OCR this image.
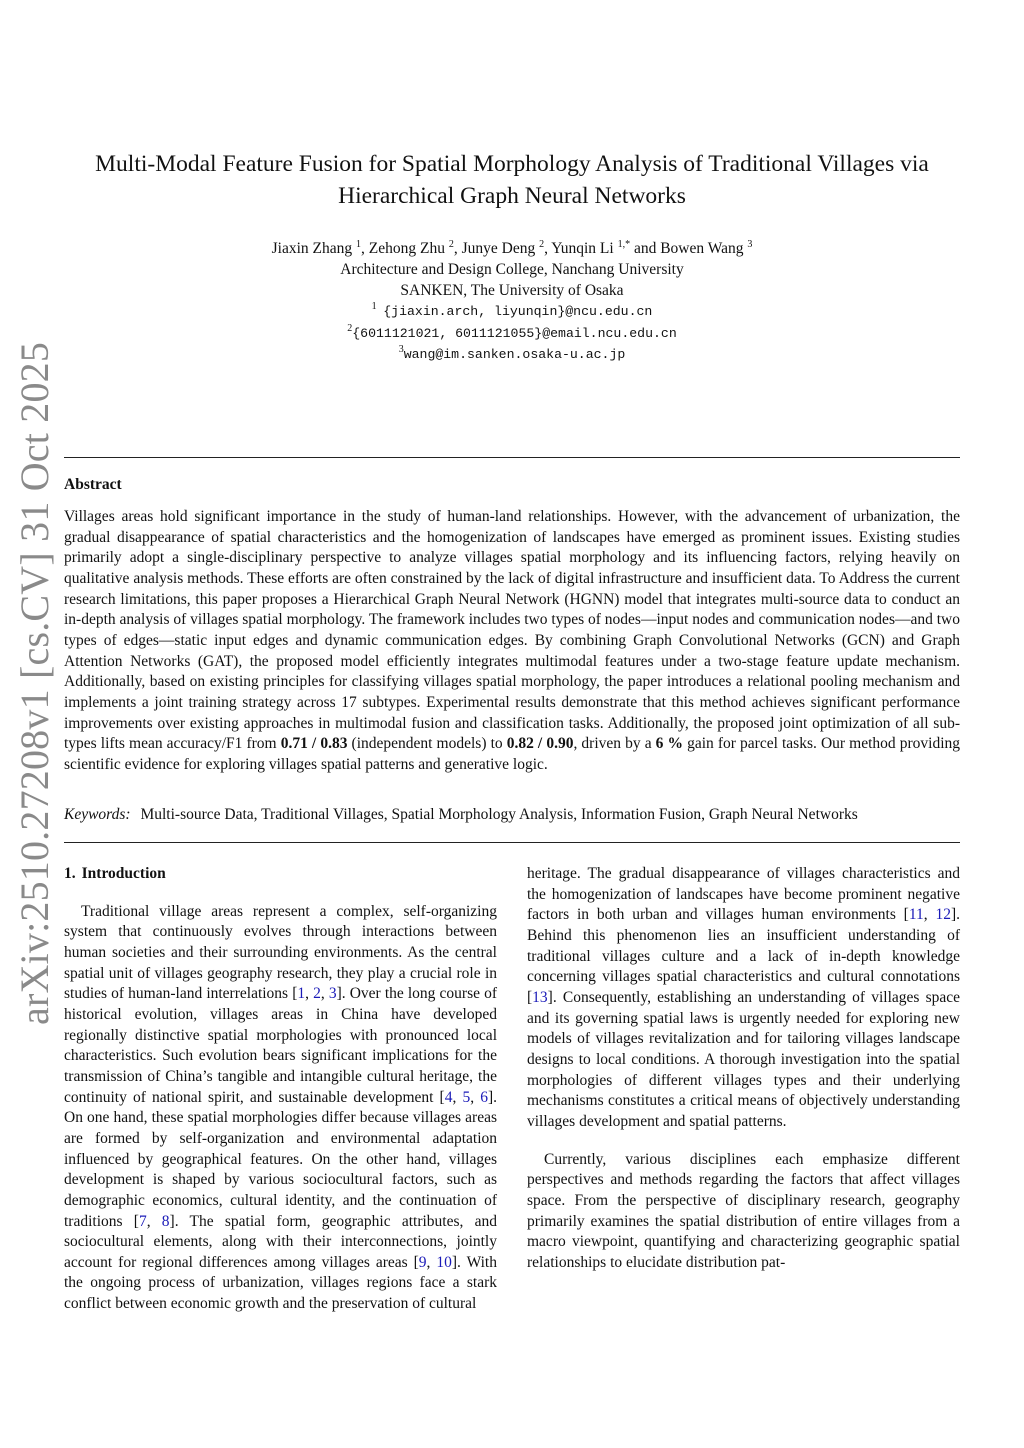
arXiv:2510.27208v1 [cs.CV] 31 Oct 2025
Multi-Modal Feature Fusion for Spatial Morphology Analysis of Traditional Villages via
Hierarchical Graph Neural Networks
Jiaxin Zhang $^1$, Zehong Zhu $^2$, Junye Deng $^2$, Yunqin Li $^{1,*}$ and Bowen Wang $^3$
Architecture and Design College, Nanchang University
SANKEN, The University of Osaka
$^1$ {jiaxin.arch, liyunqin}@ncu.edu.cn
$^2${6011121021, 6011121055}@email.ncu.edu.cn
$^3$wang@im.sanken.osaka-u.ac.jp
Abstract
Villages areas hold significant importance in the study of human-land relationships. However, with the advancement of urbanization, the gradual disappearance of spatial characteristics and the homogenization of landscapes have emerged as prominent issues. Existing studies primarily adopt a single-disciplinary perspective to analyze villages spatial morphology and its influencing factors, relying heavily on qualitative analysis methods. These efforts are often constrained by the lack of digital infrastructure and insufficient data. To Address the current research limitations, this paper proposes a Hierarchical Graph Neural Network (HGNN) model that integrates multi-source data to conduct an in-depth analysis of villages spatial morphology. The framework includes two types of nodes—input nodes and communication nodes—and two types of edges—static input edges and dynamic communication edges. By combining Graph Convolutional Networks (GCN) and Graph Attention Networks (GAT), the proposed model efficiently integrates multimodal features under a two-stage feature update mechanism. Additionally, based on existing principles for classifying villages spatial morphology, the paper introduces a relational pooling mechanism and implements a joint training strategy across 17 subtypes. Experimental results demonstrate that this method achieves significant performance improvements over existing approaches in multimodal fusion and classification tasks. Additionally, the proposed joint optimization of all sub-types lifts mean accuracy/F1 from 0.71 / 0.83 (independent models) to 0.82 / 0.90, driven by a 6 % gain for parcel tasks. Our method providing scientific evidence for exploring villages spatial patterns and generative logic.
Keywords: Multi-source Data, Traditional Villages, Spatial Morphology Analysis, Information Fusion, Graph Neural Networks
1. Introduction

Traditional village areas represent a complex, self-organizing system that continuously evolves through interactions between human societies and their surrounding environments. As the central spatial unit of villages geography research, they play a crucial role in studies of human-land interrelations [1, 2, 3]. Over the long course of historical evolution, villages areas in China have developed regionally distinctive spatial morphologies with pronounced local characteristics. Such evolution bears significant implications for the transmission of China’s tangible and intangible cultural heritage, the continuity of national spirit, and sustainable development [4, 5, 6]. On one hand, these spatial morphologies differ because villages areas are formed by self-organization and environmental adaptation influenced by geographical features. On the other hand, villages development is shaped by various sociocultural factors, such as demographic economics, cultural identity, and the continuation of traditions [7, 8]. The spatial form, geographic attributes, and sociocultural elements, along with their interconnections, jointly account for regional differences among villages areas [9, 10]. With the ongoing process of urbanization, villages regions face a stark conflict between economic growth and the preservation of cultural

heritage. The gradual disappearance of villages characteristics and the homogenization of landscapes have become prominent negative factors in both urban and villages human environments [11, 12]. Behind this phenomenon lies an insufficient understanding of traditional villages culture and a lack of in-depth knowledge concerning villages spatial characteristics and cultural connotations [13]. Consequently, establishing an understanding of villages space and its governing spatial laws is urgently needed for exploring new models of villages revitalization and for tailoring villages landscape designs to local conditions. A thorough investigation into the spatial morphologies of different villages types and their underlying mechanisms constitutes a critical means of objectively understanding villages development and spatial patterns.

Currently, various disciplines each emphasize different perspectives and methods regarding the factors that affect villages space. From the perspective of disciplinary research, geography primarily examines the spatial distribution of entire villages from a macro viewpoint, quantifying and characterizing geographic spatial relationships to elucidate distribution pat-
